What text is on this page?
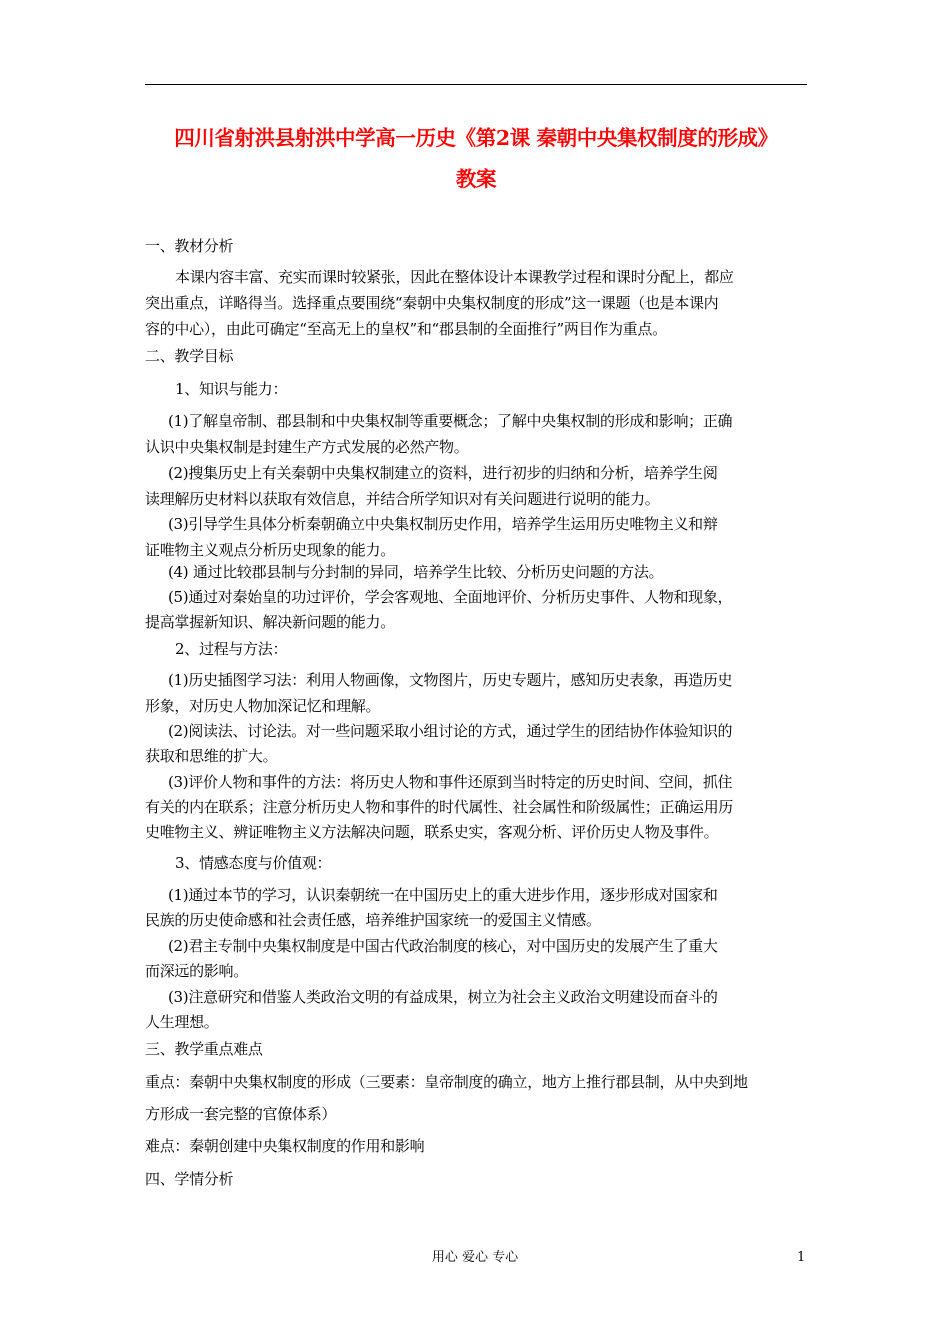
四川省射洪县射洪中学高一历史《第2课 秦朝中央集权制度的形成》
教案
一、教材分析
本课内容丰富、充实而课时较紧张，因此在整体设计本课教学过程和课时分配上，都应
突出重点，详略得当。选择重点要围绕“秦朝中央集权制度的形成”这一课题（也是本课内
容的中心），由此可确定“至高无上的皇权”和“郡县制的全面推行”两目作为重点。
二、教学目标
1、知识与能力：
(1)了解皇帝制、郡县制和中央集权制等重要概念；了解中央集权制的形成和影响；正确
认识中央集权制是封建生产方式发展的必然产物。
(2)搜集历史上有关秦朝中央集权制建立的资料，进行初步的归纳和分析，培养学生阅
读理解历史材料以获取有效信息，并结合所学知识对有关问题进行说明的能力。
(3)引导学生具体分析秦朝确立中央集权制历史作用，培养学生运用历史唯物主义和辩
证唯物主义观点分析历史现象的能力。
(4) 通过比较郡县制与分封制的异同，培养学生比较、分析历史问题的方法。
(5)通过对秦始皇的功过评价，学会客观地、全面地评价、分析历史事件、人物和现象，
提高掌握新知识、解决新问题的能力。
2、过程与方法：
(1)历史插图学习法：利用人物画像，文物图片，历史专题片，感知历史表象，再造历史
形象，对历史人物加深记忆和理解。
(2)阅读法、讨论法。对一些问题采取小组讨论的方式，通过学生的团结协作体验知识的
获取和思维的扩大。
(3)评价人物和事件的方法：将历史人物和事件还原到当时特定的历史时间、空间，抓住
有关的内在联系；注意分析历史人物和事件的时代属性、社会属性和阶级属性；正确运用历
史唯物主义、辨证唯物主义方法解决问题，联系史实，客观分析、评价历史人物及事件。
3、情感态度与价值观：
(1)通过本节的学习，认识秦朝统一在中国历史上的重大进步作用，逐步形成对国家和
民族的历史使命感和社会责任感，培养维护国家统一的爱国主义情感。
(2)君主专制中央集权制度是中国古代政治制度的核心，对中国历史的发展产生了重大
而深远的影响。
(3)注意研究和借鉴人类政治文明的有益成果，树立为社会主义政治文明建设而奋斗的
人生理想。
三、教学重点难点
重点：秦朝中央集权制度的形成（三要素：皇帝制度的确立，地方上推行郡县制，从中央到地
方形成一套完整的官僚体系）
难点：秦朝创建中央集权制度的作用和影响
四、学情分析
用心 爱心 专心	1
